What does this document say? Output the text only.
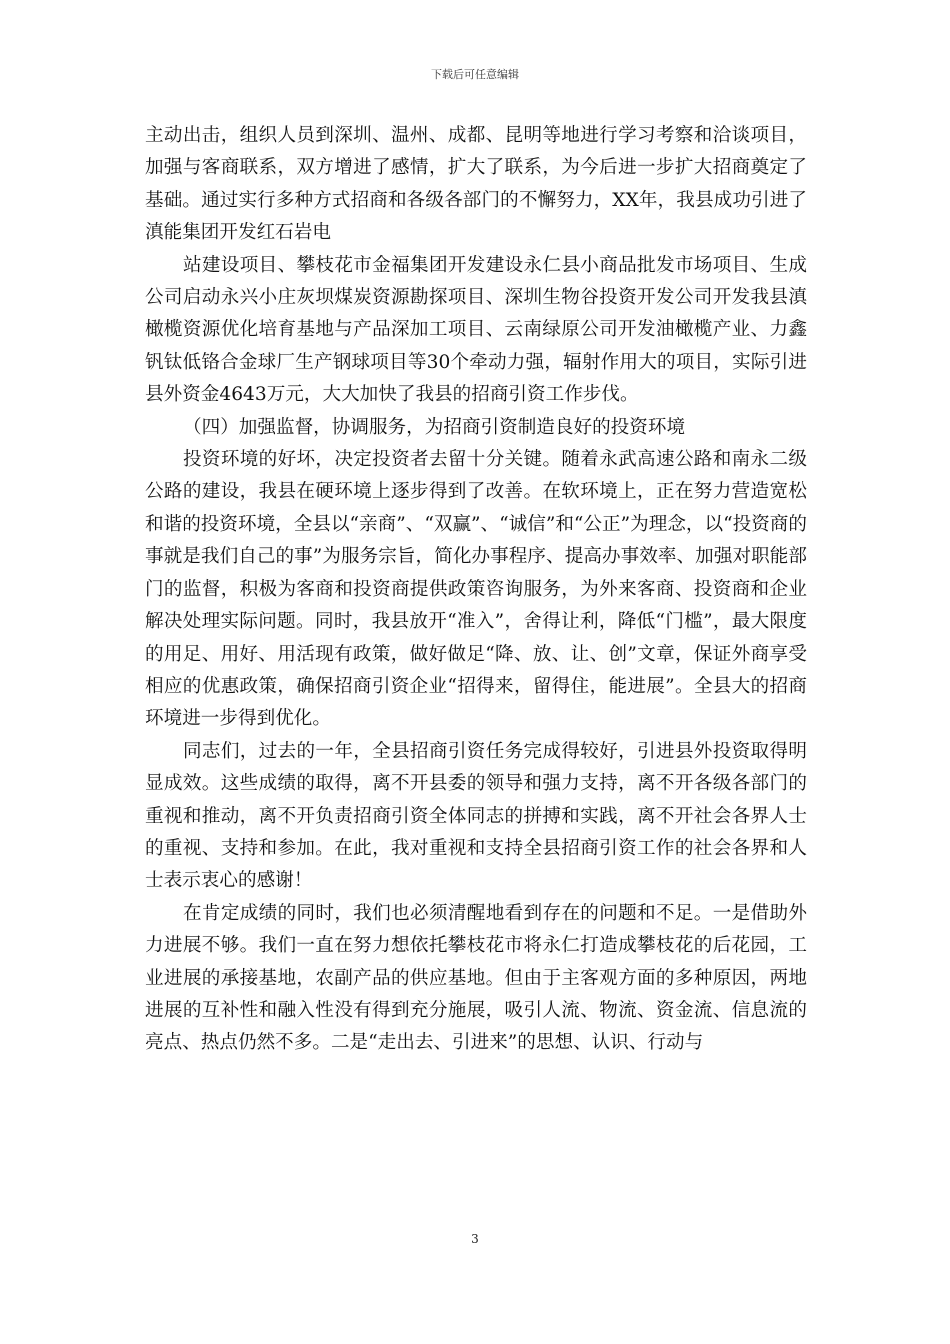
下载后可任意编辑

主动出击，组织人员到深圳、温州、成都、昆明等地进行学习考察和洽谈项目，加强与客商联系，双方增进了感情，扩大了联系，为今后进一步扩大招商奠定了基础。通过实行多种方式招商和各级各部门的不懈努力，XX年，我县成功引进了滇能集团开发红石岩电

站建设项目、攀枝花市金福集团开发建设永仁县小商品批发市场项目、生成公司启动永兴小庄灰坝煤炭资源勘探项目、深圳生物谷投资开发公司开发我县滇橄榄资源优化培育基地与产品深加工项目、云南绿原公司开发油橄榄产业、力鑫钒钛低铬合金球厂生产钢球项目等30个牵动力强，辐射作用大的项目，实际引进县外资金4643万元，大大加快了我县的招商引资工作步伐。

（四）加强监督，协调服务，为招商引资制造良好的投资环境

投资环境的好坏，决定投资者去留十分关键。随着永武高速公路和南永二级公路的建设，我县在硬环境上逐步得到了改善。在软环境上，正在努力营造宽松和谐的投资环境，全县以“亲商”、“双赢”、“诚信”和“公正”为理念，以“投资商的事就是我们自己的事”为服务宗旨，简化办事程序、提高办事效率、加强对职能部门的监督，积极为客商和投资商提供政策咨询服务，为外来客商、投资商和企业解决处理实际问题。同时，我县放开“准入”，舍得让利，降低“门槛”，最大限度的用足、用好、用活现有政策，做好做足“降、放、让、创”文章，保证外商享受相应的优惠政策，确保招商引资企业“招得来，留得住，能进展”。全县大的招商环境进一步得到优化。

同志们，过去的一年，全县招商引资任务完成得较好，引进县外投资取得明显成效。这些成绩的取得，离不开县委的领导和强力支持，离不开各级各部门的重视和推动，离不开负责招商引资全体同志的拼搏和实践，离不开社会各界人士的重视、支持和参加。在此，我对重视和支持全县招商引资工作的社会各界和人士表示衷心的感谢！

在肯定成绩的同时，我们也必须清醒地看到存在的问题和不足。一是借助外力进展不够。我们一直在努力想依托攀枝花市将永仁打造成攀枝花的后花园，工业进展的承接基地，农副产品的供应基地。但由于主客观方面的多种原因，两地进展的互补性和融入性没有得到充分施展，吸引人流、物流、资金流、信息流的亮点、热点仍然不多。二是“走出去、引进来”的思想、认识、行动与

3
